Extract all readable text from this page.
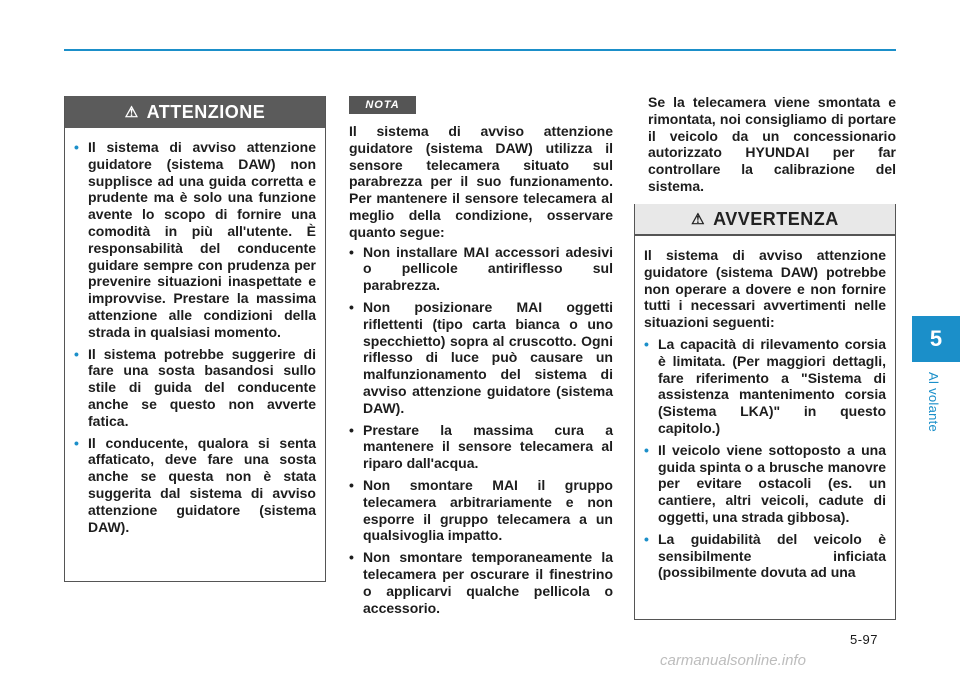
⚠ ATTENZIONE
• Il sistema di avviso attenzione guidatore (sistema DAW) non supplisce ad una guida corretta e prudente ma è solo una funzione avente lo scopo di fornire una comodità in più all'utente. È responsabilità del conducente guidare sempre con prudenza per prevenire situazioni inaspettate e improvvise. Prestare la massima attenzione alle condizioni della strada in qualsiasi momento.
• Il sistema potrebbe suggerire di fare una sosta basandosi sullo stile di guida del conducente anche se questo non avverte fatica.
• Il conducente, qualora si senta affaticato, deve fare una sosta anche se questa non è stata suggerita dal sistema di avviso attenzione guidatore (sistema DAW).
NOTA

Il sistema di avviso attenzione guidatore (sistema DAW) utilizza il sensore telecamera situato sul parabrezza per il suo funzionamento. Per mantenere il sensore telecamera al meglio della condizione, osservare quanto segue:

• Non installare MAI accessori adesivi o pellicole antiriflesso sul parabrezza.
• Non posizionare MAI oggetti riflettenti (tipo carta bianca o uno specchietto) sopra al cruscotto. Ogni riflesso di luce può causare un malfunzionamento del sistema di avviso attenzione guidatore (sistema DAW).
• Prestare la massima cura a mantenere il sensore telecamera al riparo dall'acqua.
• Non smontare MAI il gruppo telecamera arbitrariamente e non esporre il gruppo telecamera a un qualsivoglia impatto.
• Non smontare temporaneamente la telecamera per oscurare il finestrino o applicarvi qualche pellicola o accessorio.
Se la telecamera viene smontata e rimontata, noi consigliamo di portare il veicolo da un concessionario autorizzato HYUNDAI per far controllare la calibrazione del sistema.
⚠ AVVERTENZA

Il sistema di avviso attenzione guidatore (sistema DAW) potrebbe non operare a dovere e non fornire tutti i necessari avvertimenti nelle situazioni seguenti:

• La capacità di rilevamento corsia è limitata. (Per maggiori dettagli, fare riferimento a "Sistema di assistenza mantenimento corsia (Sistema LKA)" in questo capitolo.)
• Il veicolo viene sottoposto a una guida spinta o a brusche manovre per evitare ostacoli (es. un cantiere, altri veicoli, cadute di oggetti, una strada gibbosa).
• La guidabilità del veicolo è sensibilmente inficiata (possibilmente dovuta ad una
5
Al volante
5-97
carmanualsonline.info
